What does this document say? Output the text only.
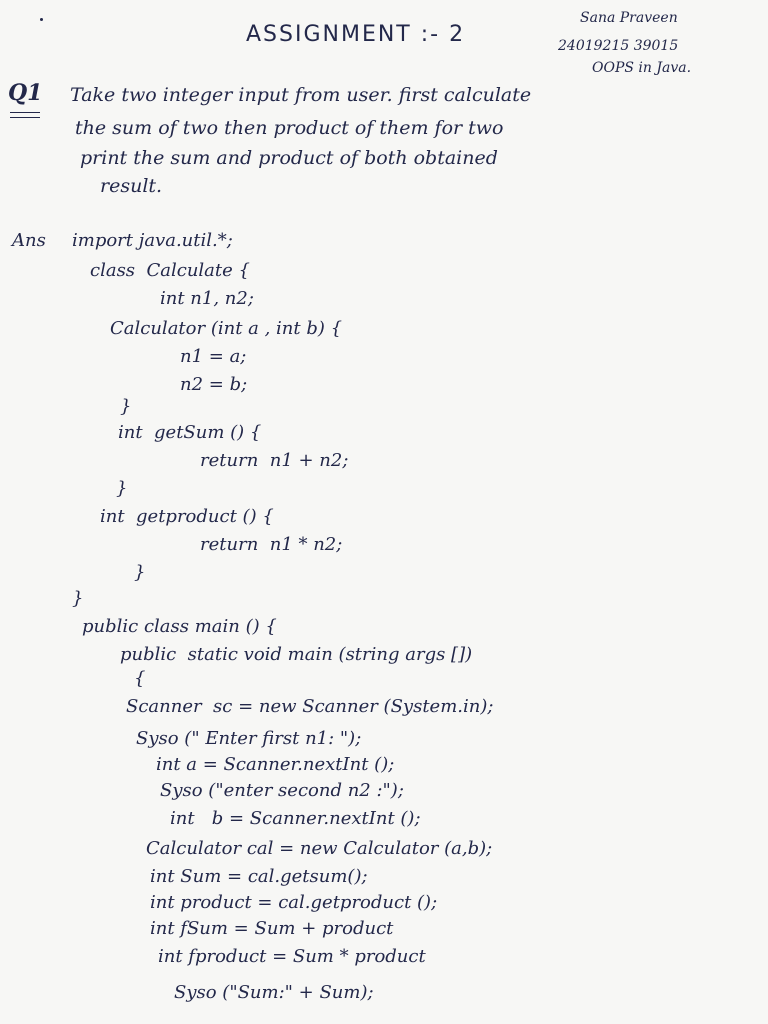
ASSIGNMENT :- 2
Sana Praveen
24019215 39015
OOPS in Java.
Q1 Take two integer input from user. first calculate
the sum of two then product of them for two
print the sum and product of both obtained
result.
Ans import java.util.*;
class  Calculate {
int n1, n2;
Calculator (int a , int b) {
n1 = a;
n2 = b;
}
int  getSum () {
return  n1 + n2;
}
int  getproduct () {
return  n1 * n2;
}
}
public class main () {
public  static void main (string args [])
{
Scanner  sc = new Scanner (System.in);
Syso (" Enter first n1: ");
int a = Scanner.nextInt ();
Syso ("enter second n2 :");
int   b = Scanner.nextInt ();
Calculator cal = new Calculator (a,b);
int Sum = cal.getsum();
int product = cal.getproduct ();
int fSum = Sum + product
int fproduct = Sum * product
Syso ("Sum:" + Sum);
